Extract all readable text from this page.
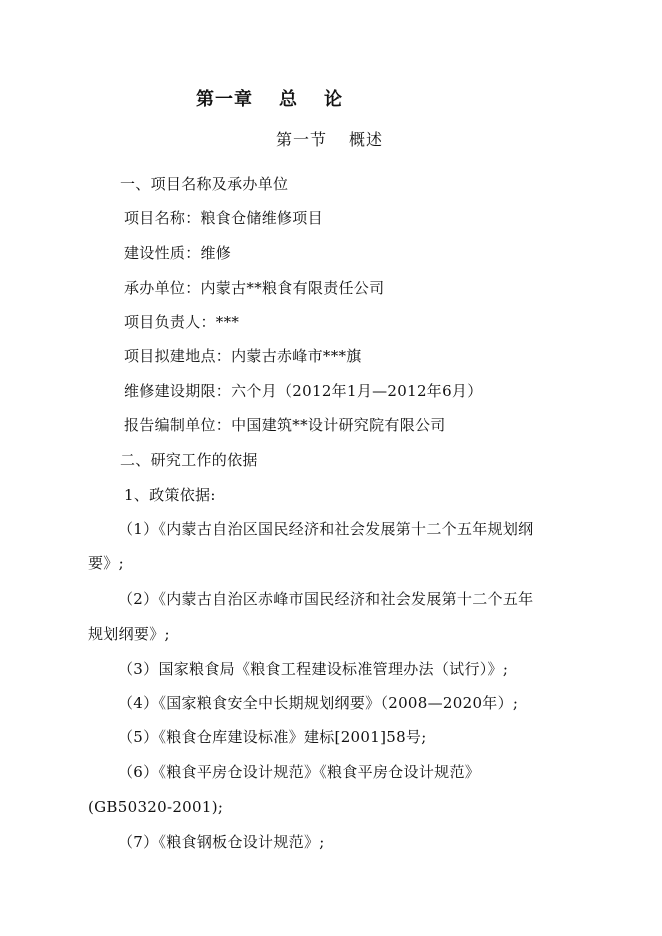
第一章 总 论
第一节 概述
一、项目名称及承办单位
项目名称：粮食仓储维修项目
建设性质：维修
承办单位：内蒙古**粮食有限责任公司
项目负责人：***
项目拟建地点：内蒙古赤峰市***旗
维修建设期限：六个月（2012年1月—2012年6月）
报告编制单位：中国建筑**设计研究院有限公司
二、研究工作的依据
1、政策依据:
（1）《内蒙古自治区国民经济和社会发展第十二个五年规划纲
要》;
（2）《内蒙古自治区赤峰市国民经济和社会发展第十二个五年
规划纲要》;
（3）国家粮食局《粮食工程建设标准管理办法（试行）》;
（4）《国家粮食安全中长期规划纲要》（2008—2020年）;
（5）《粮食仓库建设标准》建标[2001]58号;
（6）《粮食平房仓设计规范》《粮食平房仓设计规范》
(GB50320-2001);
（7）《粮食钢板仓设计规范》;
